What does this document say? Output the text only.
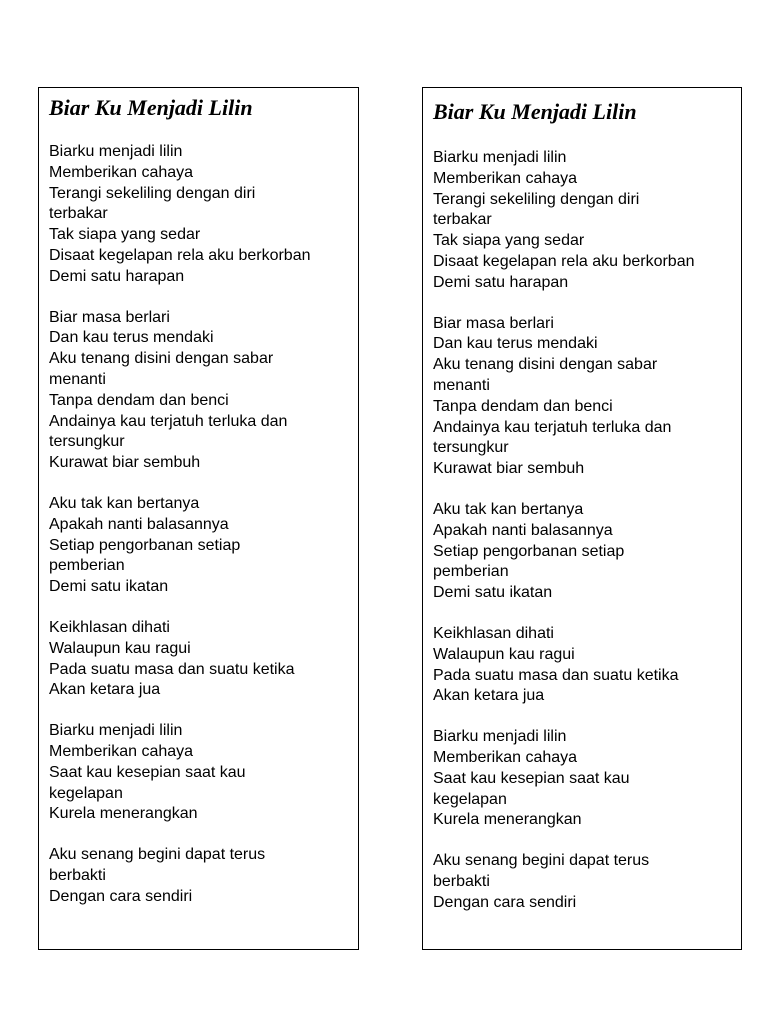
Biar Ku Menjadi Lilin
Biarku menjadi lilin
Memberikan cahaya
Terangi sekeliling dengan diri
terbakar
Tak siapa yang sedar
Disaat kegelapan rela aku berkorban
Demi satu harapan
Biar masa berlari
Dan kau terus mendaki
Aku tenang disini dengan sabar
menanti
Tanpa dendam dan benci
Andainya kau terjatuh terluka dan
tersungkur
Kurawat biar sembuh
Aku tak kan bertanya
Apakah nanti balasannya
Setiap pengorbanan setiap
pemberian
Demi satu ikatan
Keikhlasan dihati
Walaupun kau ragui
Pada suatu masa dan suatu ketika
Akan ketara jua
Biarku menjadi lilin
Memberikan cahaya
Saat kau kesepian saat kau
kegelapan
Kurela menerangkan
Aku senang begini dapat terus
berbakti
Dengan cara sendiri
Biar Ku Menjadi Lilin
Biarku menjadi lilin
Memberikan cahaya
Terangi sekeliling dengan diri
terbakar
Tak siapa yang sedar
Disaat kegelapan rela aku berkorban
Demi satu harapan
Biar masa berlari
Dan kau terus mendaki
Aku tenang disini dengan sabar
menanti
Tanpa dendam dan benci
Andainya kau terjatuh terluka dan
tersungkur
Kurawat biar sembuh
Aku tak kan bertanya
Apakah nanti balasannya
Setiap pengorbanan setiap
pemberian
Demi satu ikatan
Keikhlasan dihati
Walaupun kau ragui
Pada suatu masa dan suatu ketika
Akan ketara jua
Biarku menjadi lilin
Memberikan cahaya
Saat kau kesepian saat kau
kegelapan
Kurela menerangkan
Aku senang begini dapat terus
berbakti
Dengan cara sendiri
